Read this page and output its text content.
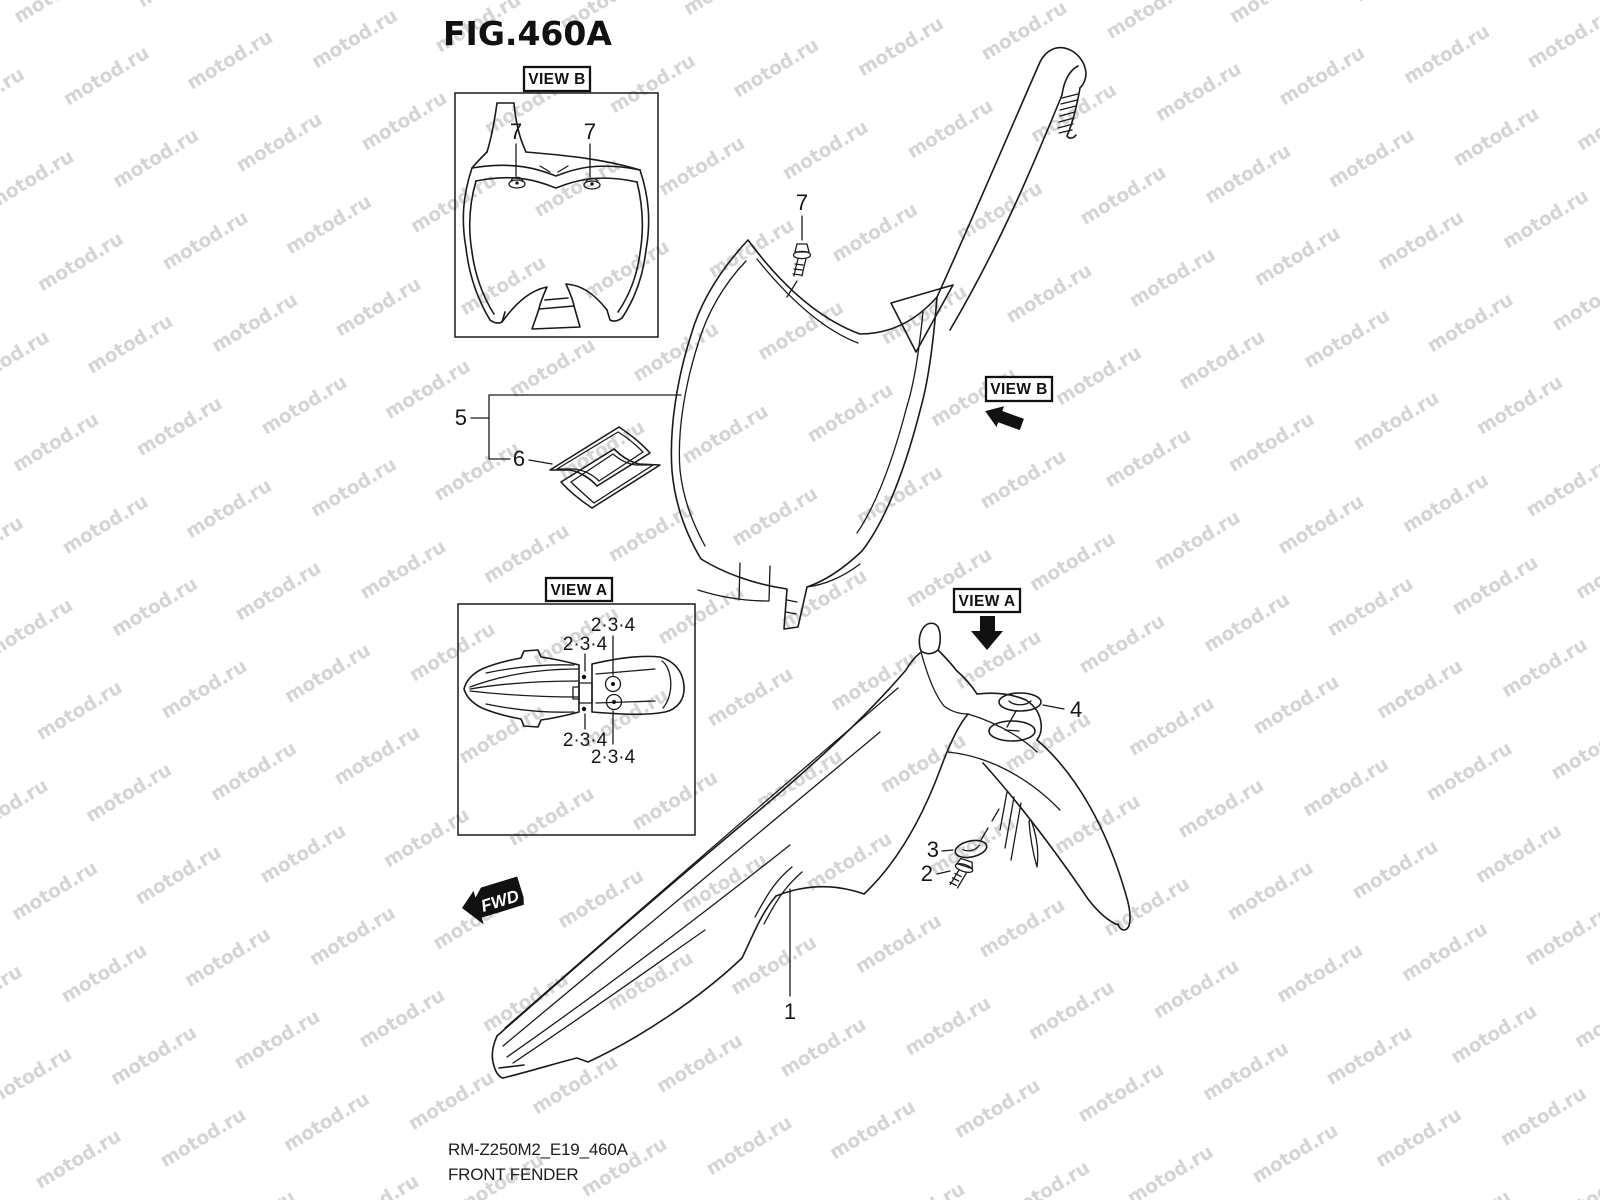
FIG.460A
VIEW B
7	7
7
5
6
VIEW B
VIEW A
2·3·4
2·3·4
2·3·4
2·3·4
VIEW A
4
3
2
1
FWD
RM-Z250M2_E19_460A
FRONT FENDER
